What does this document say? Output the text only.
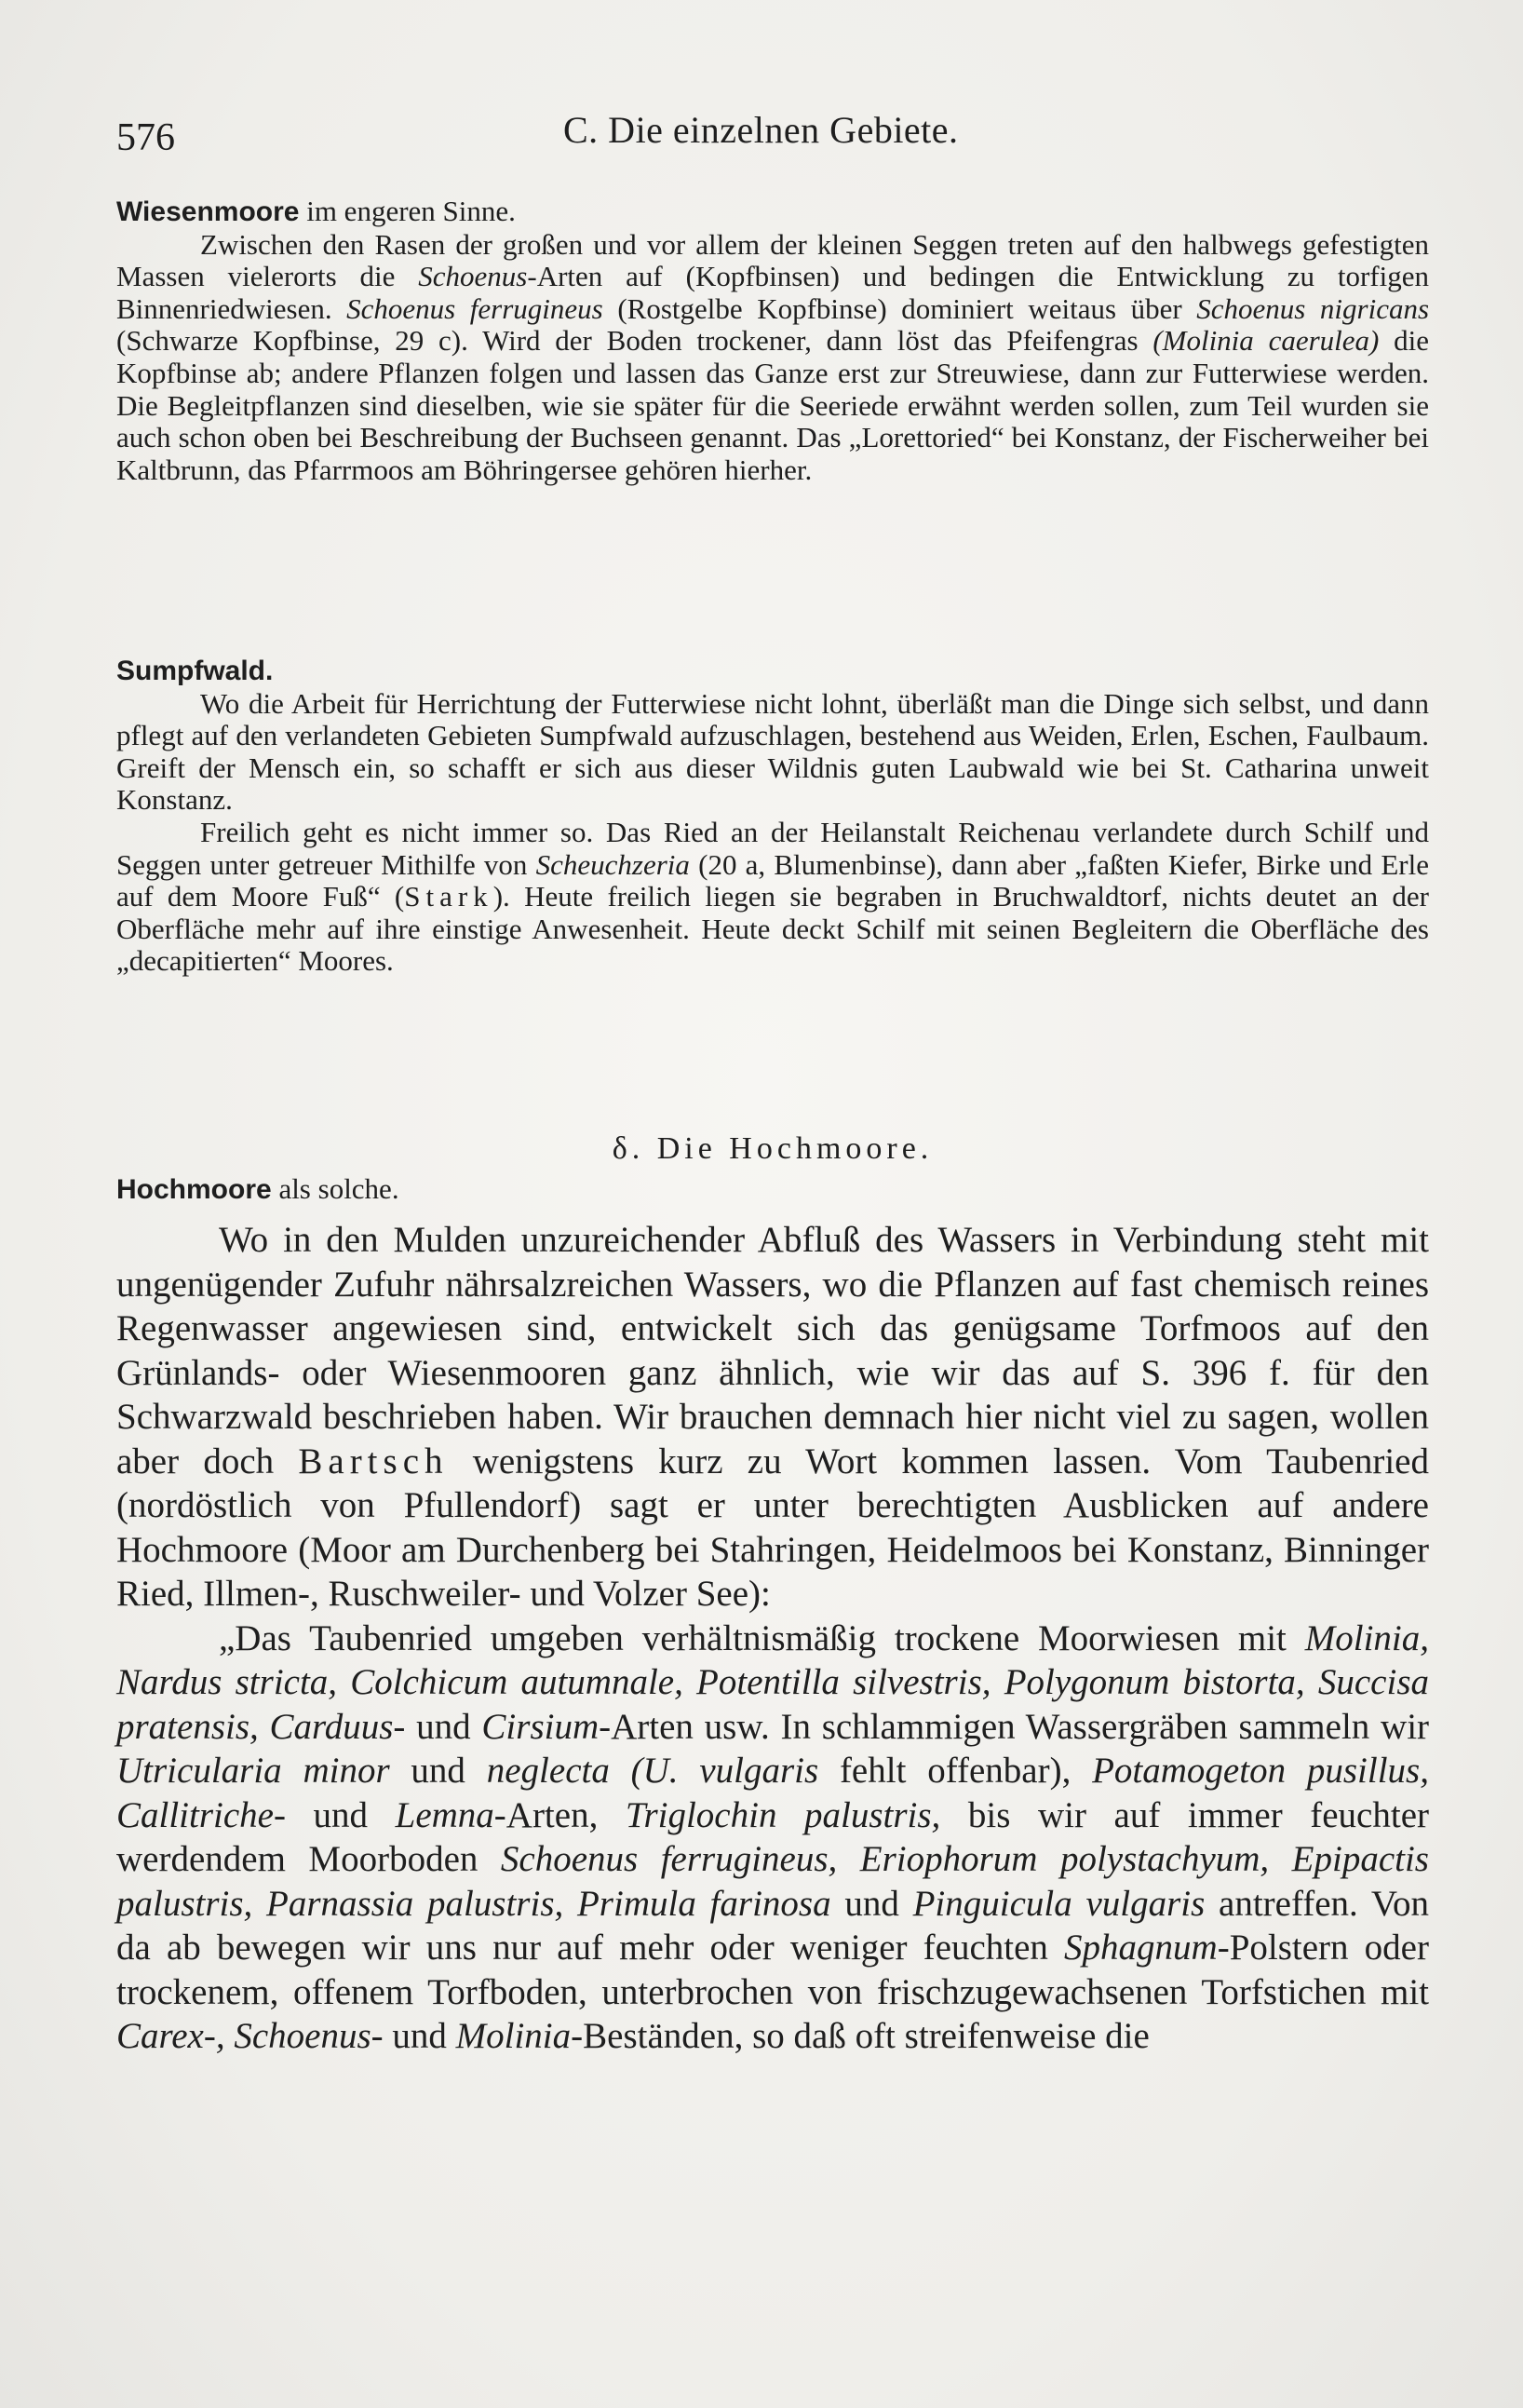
576	C. Die einzelnen Gebiete.
Wiesenmoore im engeren Sinne.

Zwischen den Rasen der großen und vor allem der kleinen Seggen treten auf den halbwegs gefestigten Massen vielerorts die Schoenus-Arten auf (Kopfbinsen) und bedingen die Entwicklung zu torfigen Binnenriedwiesen. Schoenus ferrugineus (Rostgelbe Kopfbinse) dominiert weitaus über Schoenus nigricans (Schwarze Kopfbinse, 29 c). Wird der Boden trockener, dann löst das Pfeifengras (Molinia caerulea) die Kopfbinse ab; andere Pflanzen folgen und lassen das Ganze erst zur Streuwiese, dann zur Futterwiese werden. Die Begleitpflanzen sind dieselben, wie sie später für die Seeriede erwähnt werden sollen, zum Teil wurden sie auch schon oben bei Beschreibung der Buchseen genannt. Das „Lorettoried“ bei Konstanz, der Fischerweiher bei Kaltbrunn, das Pfarrmoos am Böhringersee gehören hierher.

Sumpfwald.

Wo die Arbeit für Herrichtung der Futterwiese nicht lohnt, überläßt man die Dinge sich selbst, und dann pflegt auf den verlandeten Gebieten Sumpfwald aufzuschlagen, bestehend aus Weiden, Erlen, Eschen, Faulbaum. Greift der Mensch ein, so schafft er sich aus dieser Wildnis guten Laubwald wie bei St. Catharina unweit Konstanz.

Freilich geht es nicht immer so. Das Ried an der Heilanstalt Reichenau verlandete durch Schilf und Seggen unter getreuer Mithilfe von Scheuchzeria (20 a, Blumenbinse), dann aber „faßten Kiefer, Birke und Erle auf dem Moore Fuß“ (Stark). Heute freilich liegen sie begraben in Bruchwaldtorf, nichts deutet an der Oberfläche mehr auf ihre einstige Anwesenheit. Heute deckt Schilf mit seinen Begleitern die Oberfläche des „decapitierten“ Moores.

δ. Die Hochmoore.
Hochmoore als solche.

Wo in den Mulden unzureichender Abfluß des Wassers in Verbindung steht mit ungenügender Zufuhr nährsalzreichen Wassers, wo die Pflanzen auf fast chemisch reines Regenwasser angewiesen sind, entwickelt sich das genügsame Torfmoos auf den Grünlands- oder Wiesenmooren ganz ähnlich, wie wir das auf S. 396 f. für den Schwarzwald beschrieben haben. Wir brauchen demnach hier nicht viel zu sagen, wollen aber doch Bartsch wenigstens kurz zu Wort kommen lassen. Vom Taubenried (nordöstlich von Pfullendorf) sagt er unter berechtigten Ausblicken auf andere Hochmoore (Moor am Durchenberg bei Stahringen, Heidelmoos bei Konstanz, Binninger Ried, Illmen-, Ruschweiler- und Volzer See):

„Das Taubenried umgeben verhältnismäßig trockene Moorwiesen mit Molinia, Nardus stricta, Colchicum autumnale, Potentilla silvestris, Polygonum bistorta, Succisa pratensis, Carduus- und Cirsium-Arten usw. In schlammigen Wassergräben sammeln wir Utricularia minor und neglecta (U. vulgaris fehlt offenbar), Potamogeton pusillus, Callitriche- und Lemna-Arten, Triglochin palustris, bis wir auf immer feuchter werdendem Moorboden Schoenus ferrugineus, Eriophorum polystachyum, Epipactis palustris, Parnassia palustris, Primula farinosa und Pinguicula vulgaris antreffen. Von da ab bewegen wir uns nur auf mehr oder weniger feuchten Sphagnum-Polstern oder trockenem, offenem Torfboden, unterbrochen von frischzugewachsenen Torfstichen mit Carex-, Schoenus- und Molinia-Beständen, so daß oft streifenweise die
